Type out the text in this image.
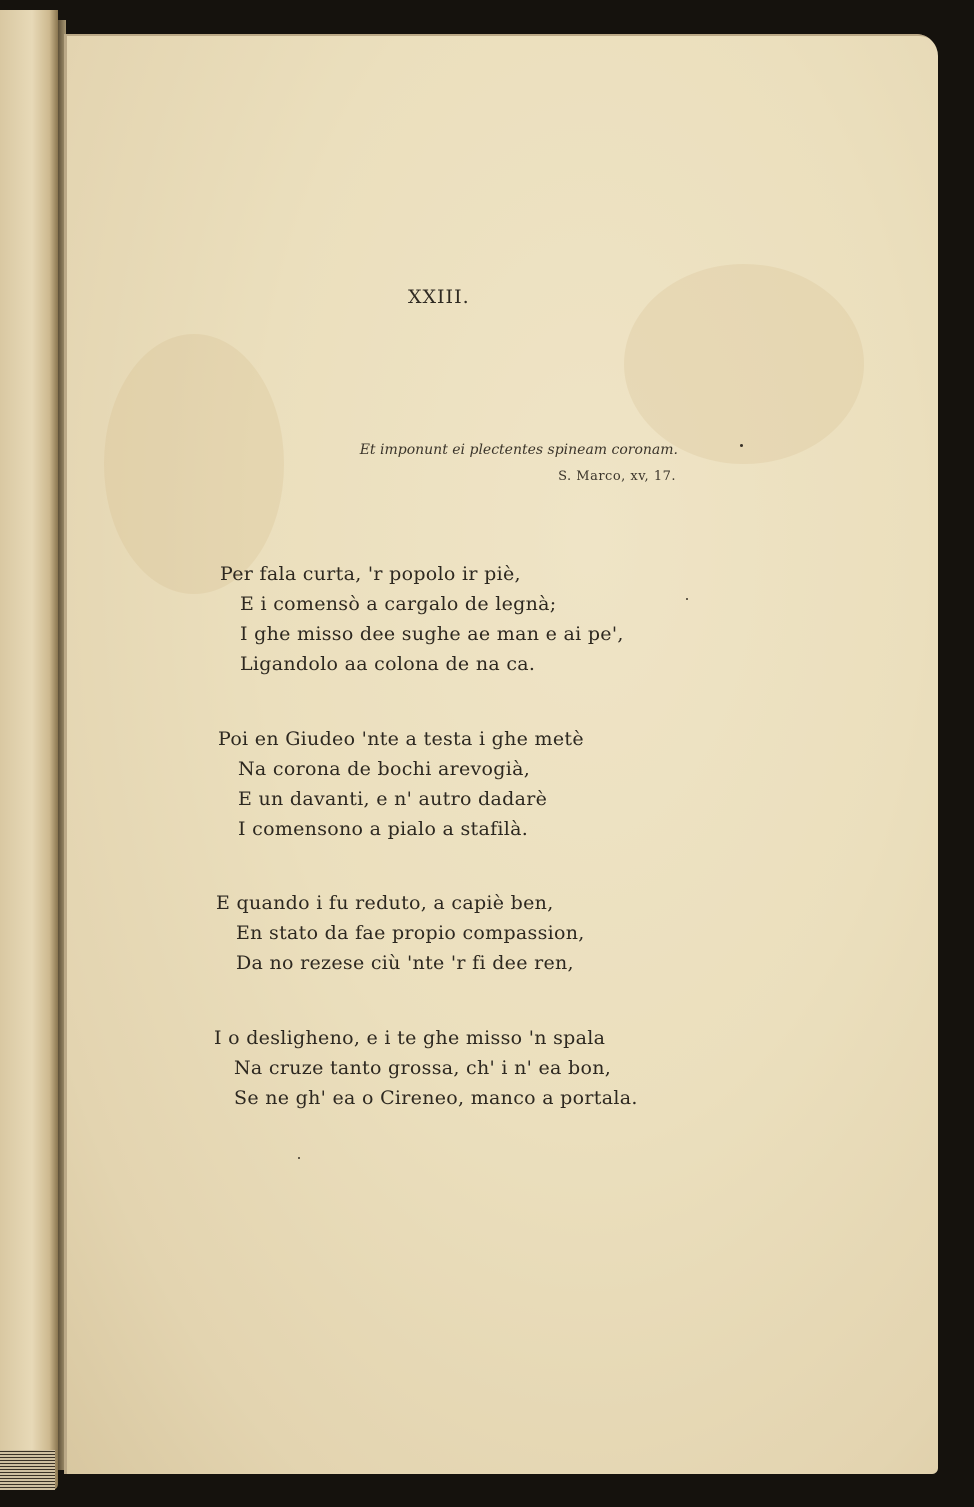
XXIII.
Et imponunt ei plectentes spineam coronam.
S. Marco, xv, 17.
Per fala curta, 'r popolo ir piè,
E i comensò a cargalo de legnà;
I ghe misso dee sughe ae man e ai pe',
Ligandolo aa colona de na ca.
Poi en Giudeo 'nte a testa i ghe metè
Na corona de bochi arevogià,
E un davanti, e n' autro dadarè
I comensono a pialo a stafilà.
E quando i fu reduto, a capiè ben,
En stato da fae propio compassion,
Da no rezese ciù 'nte 'r fi dee ren,
I o desligheno, e i te ghe misso 'n spala
Na cruze tanto grossa, ch' i n' ea bon,
Se ne gh' ea o Cireneo, manco a portala.
